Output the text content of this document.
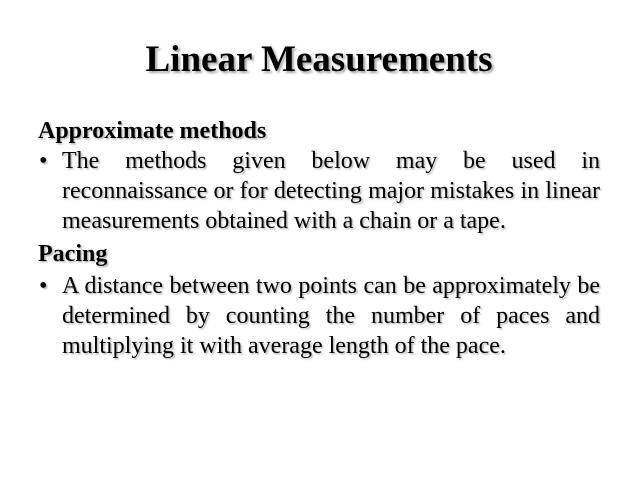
Linear Measurements

Approximate methods

• The methods given below may be used in reconnaissance or for detecting major mistakes in linear measurements obtained with a chain or a tape.

Pacing

• A distance between two points can be approximately be determined by counting the number of paces and multiplying it with average length of the pace.
